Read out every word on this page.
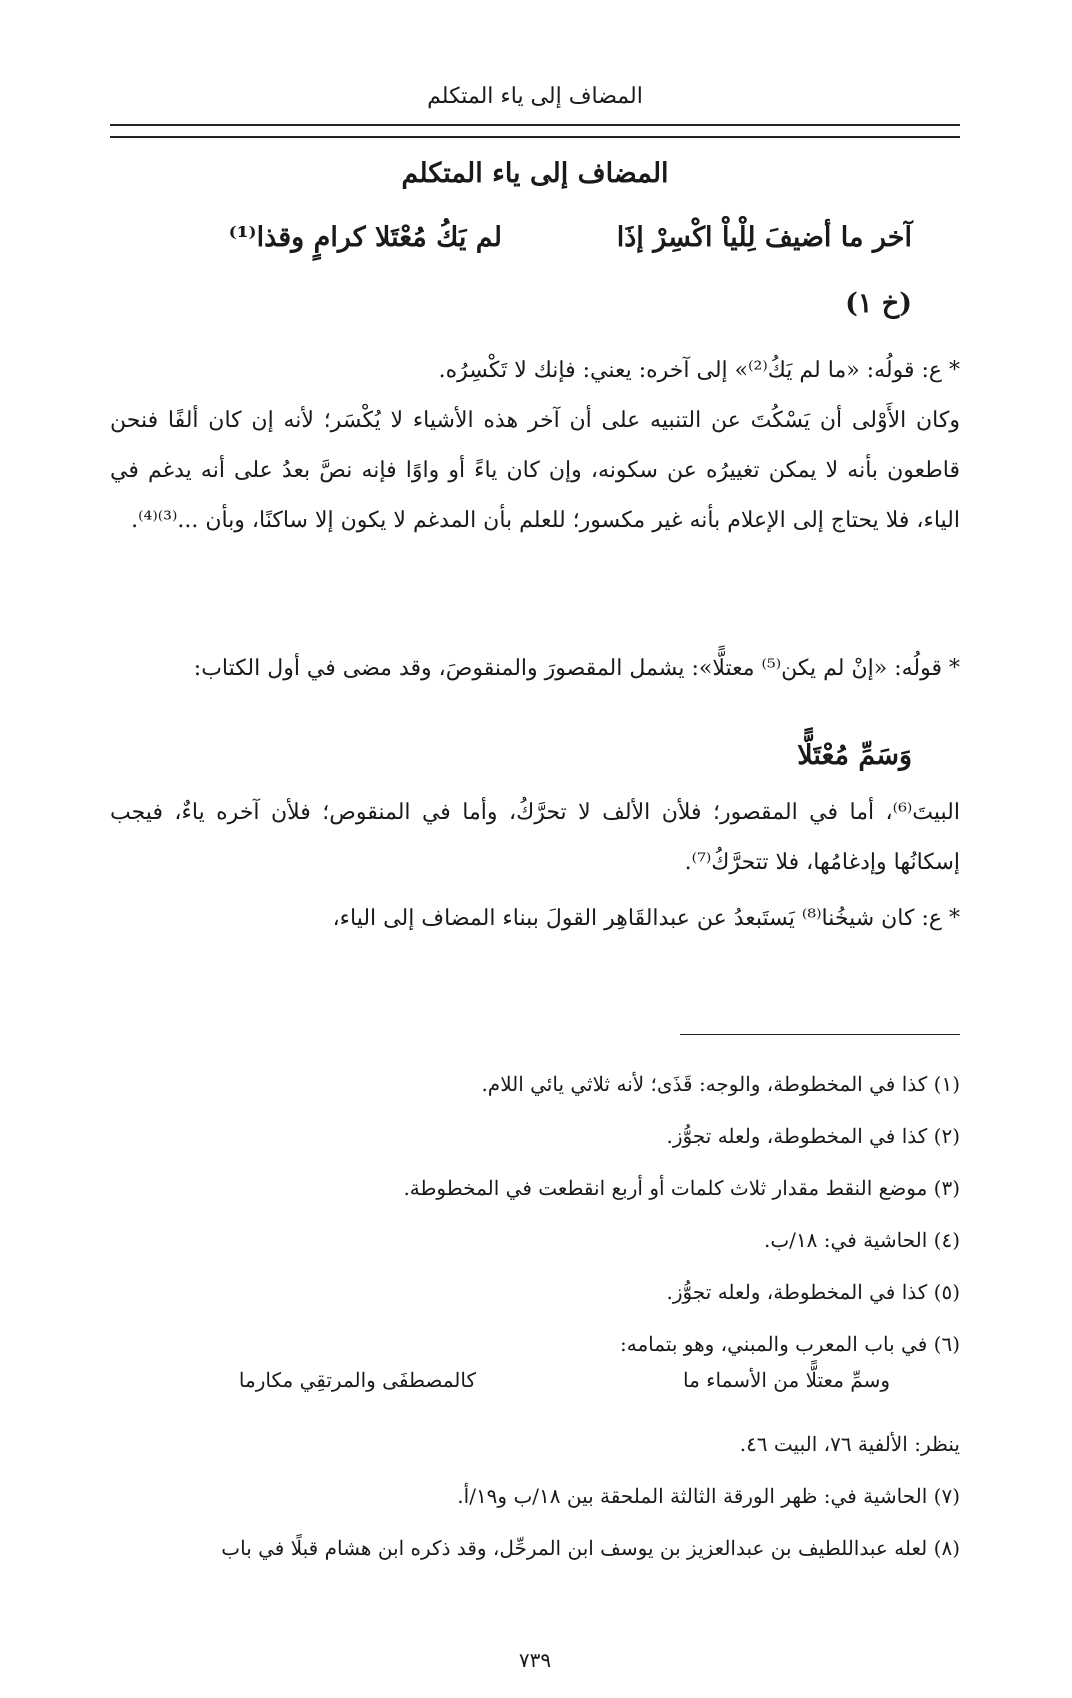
المضاف إلى ياء المتكلم
المضاف إلى ياء المتكلم
آخر ما أضيفَ لِلْياْ اكْسِرْ إذَا
لم يَكُ مُعْتَلا كرامٍ وقذا⁽¹⁾
(خ ١)
* ع: قولُه: «ما لم يَكُ⁽²⁾» إلى آخره: يعني: فإنك لا تَكْسِرُه.
وكان الأَوْلى أن يَسْكُتَ عن التنبيه على أن آخر هذه الأشياء لا يُكْسَر؛ لأنه إن كان ألفًا فنحن قاطعون بأنه لا يمكن تغييرُه عن سكونه، وإن كان ياءً أو واوًا فإنه نصَّ بعدُ على أنه يدغم في الياء، فلا يحتاج إلى الإعلام بأنه غير مكسور؛ للعلم بأن المدغم لا يكون إلا ساكنًا، وبأن ...⁽³⁾⁽⁴⁾.
* قولُه: «إنْ لم يكن⁽⁵⁾ معتلًّا»: يشمل المقصورَ والمنقوصَ، وقد مضى في أول الكتاب:
وَسَمِّ مُعْتَلًّا
البيتَ⁽⁶⁾، أما في المقصور؛ فلأن الألف لا تحرَّكُ، وأما في المنقوص؛ فلأن آخره ياءٌ، فيجب إسكانُها وإدغامُها، فلا تتحرَّكُ⁽⁷⁾.
* ع: كان شيخُنا⁽⁸⁾ يَستَبعدُ عن عبدالقَاهِر القولَ ببناء المضاف إلى الياء،
(١) كذا في المخطوطة، والوجه: قَذَى؛ لأنه ثلاثي يائي اللام.
(٢) كذا في المخطوطة، ولعله تجوُّز.
(٣) موضع النقط مقدار ثلاث كلمات أو أربع انقطعت في المخطوطة.
(٤) الحاشية في: ١٨/ب.
(٥) كذا في المخطوطة، ولعله تجوُّز.
(٦) في باب المعرب والمبني، وهو بتمامه:
وسمِّ معتلًّا من الأسماء ما
كالمصطفَى والمرتقِي مكارما
ينظر: الألفية ٧٦، البيت ٤٦.
(٧) الحاشية في: ظهر الورقة الثالثة الملحقة بين ١٨/ب و١٩/أ.
(٨) لعله عبداللطيف بن عبدالعزيز بن يوسف ابن المرحِّل، وقد ذكره ابن هشام قبلًا في باب
٧٣٩
